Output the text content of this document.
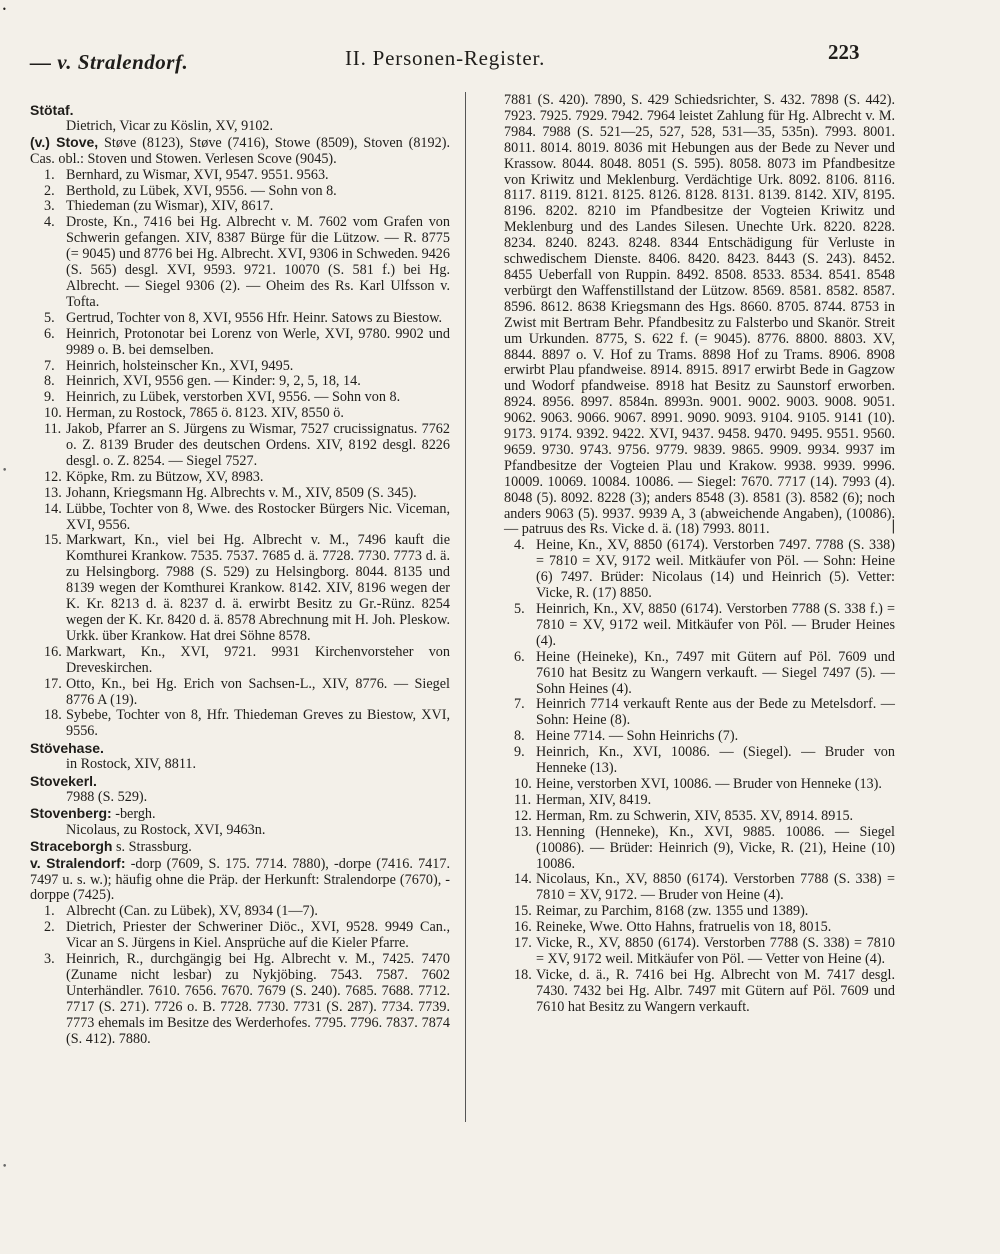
•
•
•
|
— v. Stralendorf.	II. Personen-Register.	223
Stötaf.
Dietrich, Vicar zu Köslin, XV, 9102.
(v.) Stove, Støve (8123), Støve (7416), Stowe (8509), Stoven (8192). Cas. obl.: Stoven und Stowen. Verlesen Scove (9045).
1. Bernhard, zu Wismar, XVI, 9547. 9551. 9563.
2. Berthold, zu Lübek, XVI, 9556. — Sohn von 8.
3. Thiedeman (zu Wismar), XIV, 8617.
4. Droste, Kn., 7416 bei Hg. Albrecht v. M. 7602 vom Grafen von Schwerin gefangen. XIV, 8387 Bürge für die Lützow. — R. 8775 (= 9045) und 8776 bei Hg. Albrecht. XVI, 9306 in Schweden. 9426 (S. 565) desgl. XVI, 9593. 9721. 10070 (S. 581 f.) bei Hg. Albrecht. — Siegel 9306 (2). — Oheim des Rs. Karl Ulfsson v. Tofta.
5. Gertrud, Tochter von 8, XVI, 9556 Hfr. Heinr. Satows zu Biestow.
6. Heinrich, Protonotar bei Lorenz von Werle, XVI, 9780. 9902 und 9989 o. B. bei demselben.
7. Heinrich, holsteinscher Kn., XVI, 9495.
8. Heinrich, XVI, 9556 gen. — Kinder: 9, 2, 5, 18, 14.
9. Heinrich, zu Lübek, verstorben XVI, 9556. — Sohn von 8.
10. Herman, zu Rostock, 7865 ö. 8123. XIV, 8550 ö.
11. Jakob, Pfarrer an S. Jürgens zu Wismar, 7527 crucissignatus. 7762 o. Z. 8139 Bruder des deutschen Ordens. XIV, 8192 desgl. 8226 desgl. o. Z. 8254. — Siegel 7527.
12. Köpke, Rm. zu Bützow, XV, 8983.
13. Johann, Kriegsmann Hg. Albrechts v. M., XIV, 8509 (S. 345).
14. Lübbe, Tochter von 8, Wwe. des Rostocker Bürgers Nic. Viceman, XVI, 9556.
15. Markwart, Kn., viel bei Hg. Albrecht v. M., 7496 kauft die Komthurei Krankow. 7535. 7537. 7685 d. ä. 7728. 7730. 7773 d. ä. zu Helsingborg. 7988 (S. 529) zu Helsingborg. 8044. 8135 und 8139 wegen der Komthurei Krankow. 8142. XIV, 8196 wegen der K. Kr. 8213 d. ä. 8237 d. ä. erwirbt Besitz zu Gr.-Rünz. 8254 wegen der K. Kr. 8420 d. ä. 8578 Abrechnung mit H. Joh. Pleskow. Urkk. über Krankow. Hat drei Söhne 8578.
16. Markwart, Kn., XVI, 9721. 9931 Kirchenvorsteher von Dreveskirchen.
17. Otto, Kn., bei Hg. Erich von Sachsen-L., XIV, 8776. — Siegel 8776 A (19).
18. Sybebe, Tochter von 8, Hfr. Thiedeman Greves zu Biestow, XVI, 9556.
Stövehase.
in Rostock, XIV, 8811.
Stovekerl.
7988 (S. 529).
Stovenberg: -bergh.
Nicolaus, zu Rostock, XVI, 9463n.
Straceborgh s. Strassburg.
v. Stralendorf: -dorp (7609, S. 175. 7714. 7880), -dorpe (7416. 7417. 7497 u. s. w.); häufig ohne die Präp. der Herkunft: Stralendorpe (7670), -dorppe (7425).
1. Albrecht (Can. zu Lübek), XV, 8934 (1—7).
2. Dietrich, Priester der Schweriner Diöc., XVI, 9528. 9949 Can., Vicar an S. Jürgens in Kiel. Ansprüche auf die Kieler Pfarre.
3. Heinrich, R., durchgängig bei Hg. Albrecht v. M., 7425. 7470 (Zuname nicht lesbar) zu Nykjöbing. 7543. 7587. 7602 Unterhändler. 7610. 7656. 7670. 7679 (S. 240). 7685. 7688. 7712. 7717 (S. 271). 7726 o. B. 7728. 7730. 7731 (S. 287). 7734. 7739. 7773 ehemals im Besitze des Werderhofes. 7795. 7796. 7837. 7874 (S. 412). 7880.
7881 (S. 420). 7890, S. 429 Schiedsrichter, S. 432. 7898 (S. 442). 7923. 7925. 7929. 7942. 7964 leistet Zahlung für Hg. Albrecht v. M. 7984. 7988 (S. 521—25, 527, 528, 531—35, 535n). 7993. 8001. 8011. 8014. 8019. 8036 mit Hebungen aus der Bede zu Never und Krassow. 8044. 8048. 8051 (S. 595). 8058. 8073 im Pfandbesitze von Kriwitz und Meklenburg. Verdächtige Urk. 8092. 8106. 8116. 8117. 8119. 8121. 8125. 8126. 8128. 8131. 8139. 8142. XIV, 8195. 8196. 8202. 8210 im Pfandbesitze der Vogteien Kriwitz und Meklenburg und des Landes Silesen. Unechte Urk. 8220. 8228. 8234. 8240. 8243. 8248. 8344 Entschädigung für Verluste in schwedischem Dienste. 8406. 8420. 8423. 8443 (S. 243). 8452. 8455 Ueberfall von Ruppin. 8492. 8508. 8533. 8534. 8541. 8548 verbürgt den Waffenstillstand der Lützow. 8569. 8581. 8582. 8587. 8596. 8612. 8638 Kriegsmann des Hgs. 8660. 8705. 8744. 8753 in Zwist mit Bertram Behr. Pfandbesitz zu Falsterbo und Skanör. Streit um Urkunden. 8775, S. 622 f. (= 9045). 8776. 8800. 8803. XV, 8844. 8897 o. V. Hof zu Trams. 8898 Hof zu Trams. 8906. 8908 erwirbt Plau pfandweise. 8914. 8915. 8917 erwirbt Bede in Gagzow und Wodorf pfandweise. 8918 hat Besitz zu Saunstorf erworben. 8924. 8956. 8997. 8584n. 8993n. 9001. 9002. 9003. 9008. 9051. 9062. 9063. 9066. 9067. 8991. 9090. 9093. 9104. 9105. 9141 (10). 9173. 9174. 9392. 9422. XVI, 9437. 9458. 9470. 9495. 9551. 9560. 9659. 9730. 9743. 9756. 9779. 9839. 9865. 9909. 9934. 9937 im Pfandbesitze der Vogteien Plau und Krakow. 9938. 9939. 9996. 10009. 10069. 10084. 10086. — Siegel: 7670. 7717 (14). 7993 (4). 8048 (5). 8092. 8228 (3); anders 8548 (3). 8581 (3). 8582 (6); noch anders 9063 (5). 9937. 9939 A, 3 (abweichende Angaben), (10086). — patruus des Rs. Vicke d. ä. (18) 7993. 8011.
4. Heine, Kn., XV, 8850 (6174). Verstorben 7497. 7788 (S. 338) = 7810 = XV, 9172 weil. Mitkäufer von Pöl. — Sohn: Heine (6) 7497. Brüder: Nicolaus (14) und Heinrich (5). Vetter: Vicke, R. (17) 8850.
5. Heinrich, Kn., XV, 8850 (6174). Verstorben 7788 (S. 338 f.) = 7810 = XV, 9172 weil. Mitkäufer von Pöl. — Bruder Heines (4).
6. Heine (Heineke), Kn., 7497 mit Gütern auf Pöl. 7609 und 7610 hat Besitz zu Wangern verkauft. — Siegel 7497 (5). — Sohn Heines (4).
7. Heinrich 7714 verkauft Rente aus der Bede zu Metelsdorf. — Sohn: Heine (8).
8. Heine 7714. — Sohn Heinrichs (7).
9. Heinrich, Kn., XVI, 10086. — (Siegel). — Bruder von Henneke (13).
10. Heine, verstorben XVI, 10086. — Bruder von Henneke (13).
11. Herman, XIV, 8419.
12. Herman, Rm. zu Schwerin, XIV, 8535. XV, 8914. 8915.
13. Henning (Henneke), Kn., XVI, 9885. 10086. — Siegel (10086). — Brüder: Heinrich (9), Vicke, R. (21), Heine (10) 10086.
14. Nicolaus, Kn., XV, 8850 (6174). Verstorben 7788 (S. 338) = 7810 = XV, 9172. — Bruder von Heine (4).
15. Reimar, zu Parchim, 8168 (zw. 1355 und 1389).
16. Reineke, Wwe. Otto Hahns, fratruelis von 18, 8015.
17. Vicke, R., XV, 8850 (6174). Verstorben 7788 (S. 338) = 7810 = XV, 9172 weil. Mitkäufer von Pöl. — Vetter von Heine (4).
18. Vicke, d. ä., R. 7416 bei Hg. Albrecht von M. 7417 desgl. 7430. 7432 bei Hg. Albr. 7497 mit Gütern auf Pöl. 7609 und 7610 hat Besitz zu Wangern verkauft.
